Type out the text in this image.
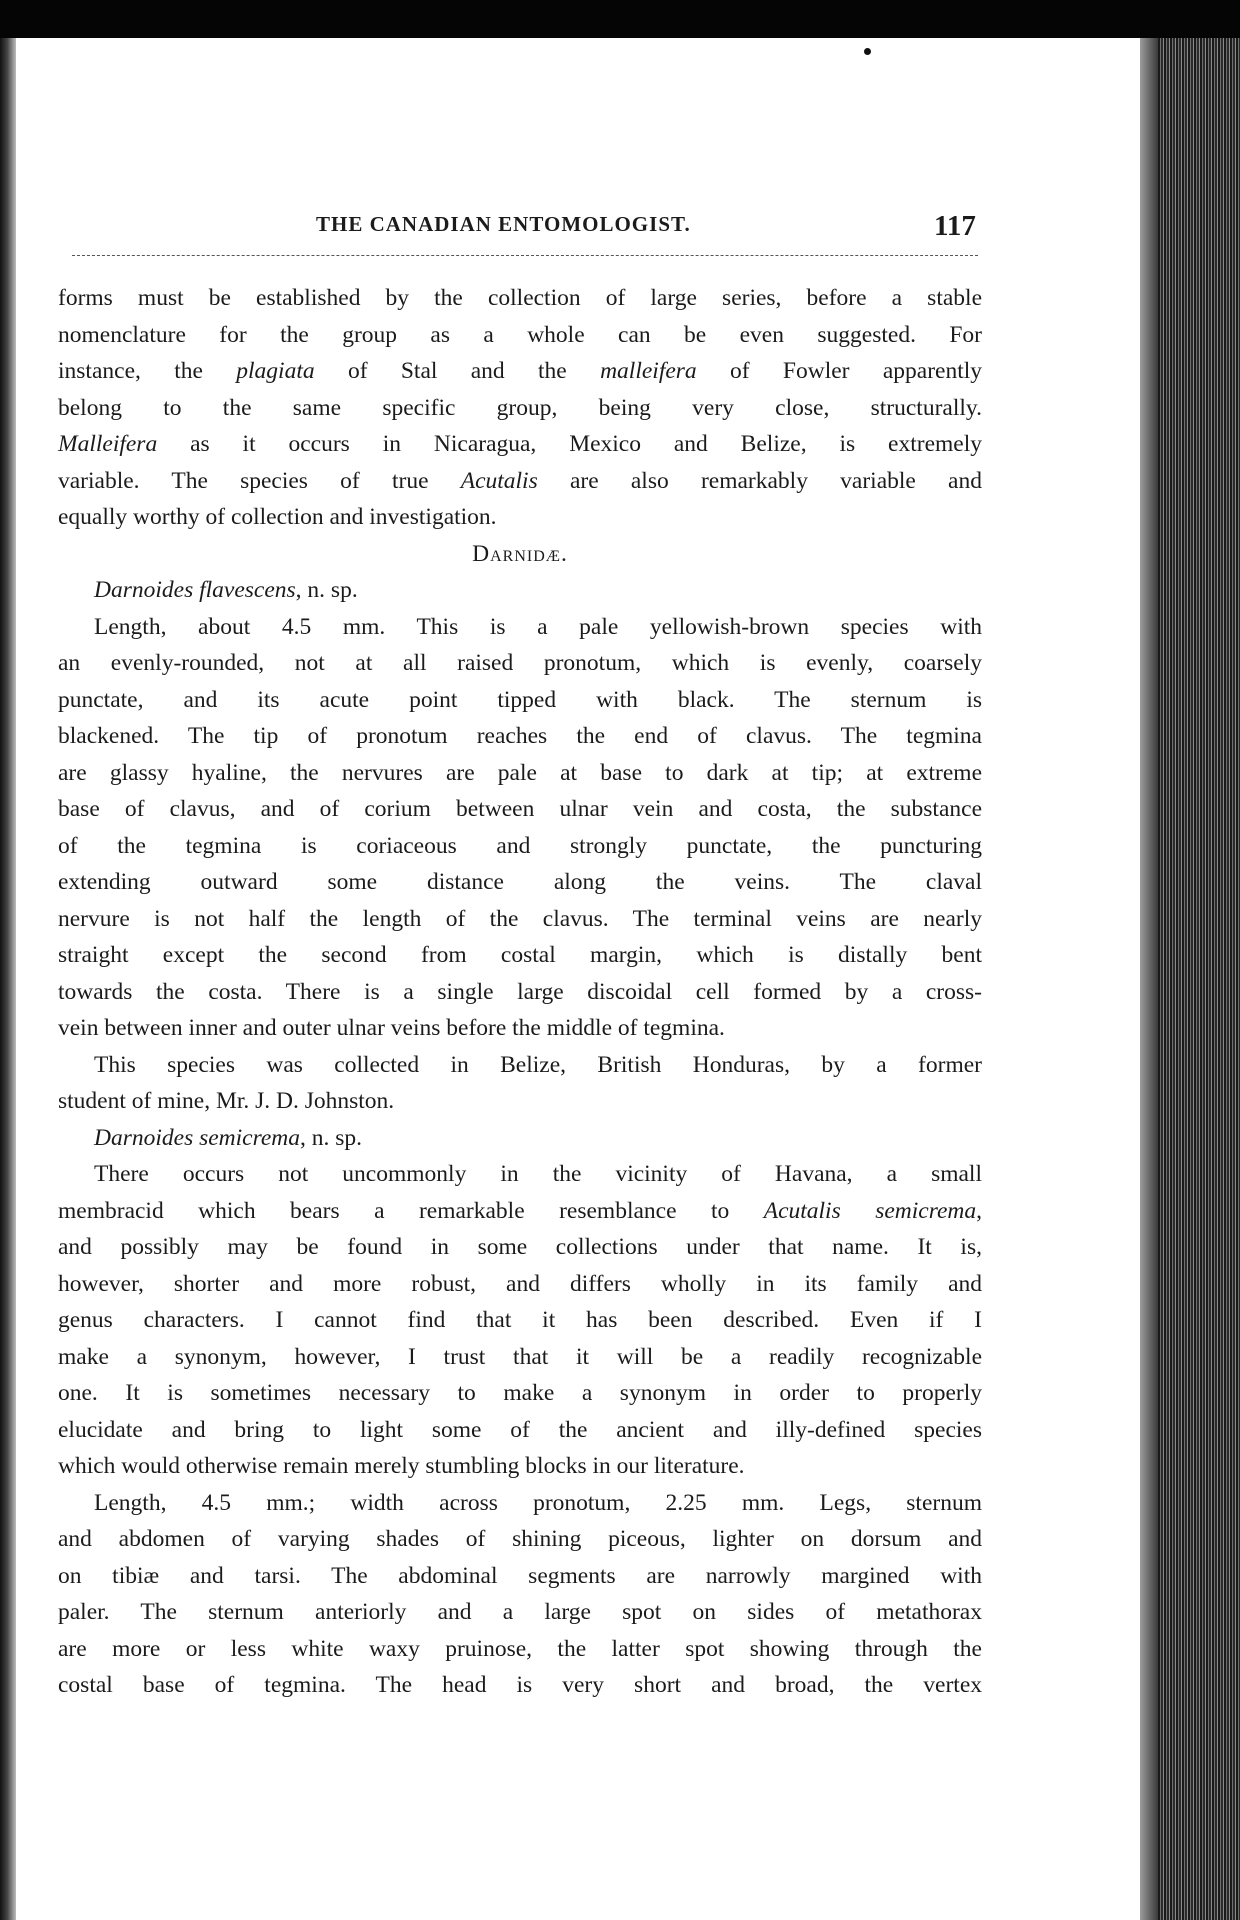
THE CANADIAN ENTOMOLOGIST.	117
forms must be established by the collection of large series, before a stable
nomenclature for the group as a whole can be even suggested. For
instance, the plagiata of Stal and the malleifera of Fowler apparently
belong to the same specific group, being very close, structurally.
Malleifera as it occurs in Nicaragua, Mexico and Belize, is extremely
variable. The species of true Acutalis are also remarkably variable and
equally worthy of collection and investigation.
Darnidæ.
Darnoides flavescens, n. sp.
Length, about 4.5 mm. This is a pale yellowish-brown species with
an evenly-rounded, not at all raised pronotum, which is evenly, coarsely
punctate, and its acute point tipped with black. The sternum is
blackened. The tip of pronotum reaches the end of clavus. The tegmina
are glassy hyaline, the nervures are pale at base to dark at tip; at extreme
base of clavus, and of corium between ulnar vein and costa, the substance
of the tegmina is coriaceous and strongly punctate, the puncturing
extending outward some distance along the veins. The claval
nervure is not half the length of the clavus. The terminal veins are nearly
straight except the second from costal margin, which is distally bent
towards the costa. There is a single large discoidal cell formed by a cross-
vein between inner and outer ulnar veins before the middle of tegmina.
This species was collected in Belize, British Honduras, by a former
student of mine, Mr. J. D. Johnston.
Darnoides semicrema, n. sp.
There occurs not uncommonly in the vicinity of Havana, a small
membracid which bears a remarkable resemblance to Acutalis semicrema,
and possibly may be found in some collections under that name. It is,
however, shorter and more robust, and differs wholly in its family and
genus characters. I cannot find that it has been described. Even if I
make a synonym, however, I trust that it will be a readily recognizable
one. It is sometimes necessary to make a synonym in order to properly
elucidate and bring to light some of the ancient and illy-defined species
which would otherwise remain merely stumbling blocks in our literature.
Length, 4.5 mm.; width across pronotum, 2.25 mm. Legs, sternum
and abdomen of varying shades of shining piceous, lighter on dorsum and
on tibiæ and tarsi. The abdominal segments are narrowly margined with
paler. The sternum anteriorly and a large spot on sides of metathorax
are more or less white waxy pruinose, the latter spot showing through the
costal base of tegmina. The head is very short and broad, the vertex
